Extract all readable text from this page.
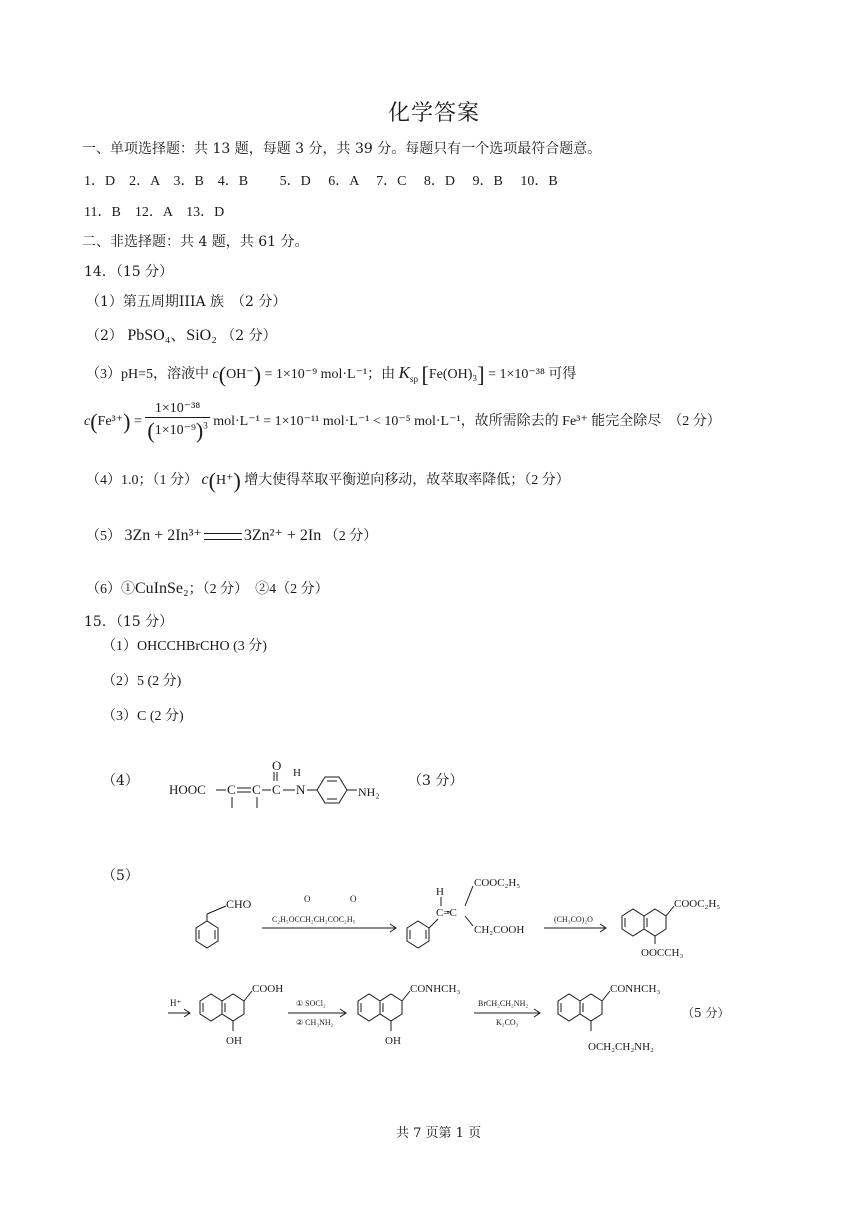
化学答案
一、单项选择题：共 13 题，每题 3 分，共 39 分。每题只有一个选项最符合题意。
1．D　2．A　3．B　4．B　　 5．D　 6．A　 7．C　 8．D　 9．B　 10．B
11．B　12．A　13．D
二、非选择题：共 4 题，共 61 分。
14．（15 分）
（1）第五周期IIIA 族　（2 分）
（2） PbSO₄、SiO₂ （2 分）
（3）pH=5，溶液中 c(OH⁻) = 1×10⁻⁹ mol·L⁻¹；由 $K_{sp}$ [Fe(OH)₃] = 1×10⁻³⁸ 可得
$c(Fe^{3+}) = \frac{\text{1×10⁻³⁸}}{(1\times 10^{-9})^3} mol\cdot L^{-1} = 1\times 10^{-11}$ mol·L⁻¹ < 10⁻⁵ mol·L⁻¹，故所需除去的 Fe³⁺ 能完全除尽　（2 分）
（4）1.0；（1 分） c(H⁺) 增大使得萃取平衡逆向移动，故萃取率降低；（2 分）
（5） 3Zn + 2In³⁺	3Zn²⁺ + 2In （2 分）
（6）①CuInSe₂；（2 分）　②4（2 分）
15．（15 分）
（1）OHCCHBrCHO (3 分)
（2）5 (2 分)
（3）C (2 分)
（4）	（3 分）
HOOC C C C
O
N
H
NH₂
（5）
CHO	O	O
C₂H₅OCCH₂CH₂COC₂H₅
H
C=C
COOC₂H₅
CH₂COOH
(CH₃CO)₂O
COOC₂H₅
OOCCH₃
H⁺
COOH
OH
① SOCl₂
② CH₃NH₂
CONHCH₃
OH
BrCH₂CH₂NH₂
K₂CO₃
CONHCH₃
OCH₂CH₂NH₂
（5 分）
共 7 页第 1 页
